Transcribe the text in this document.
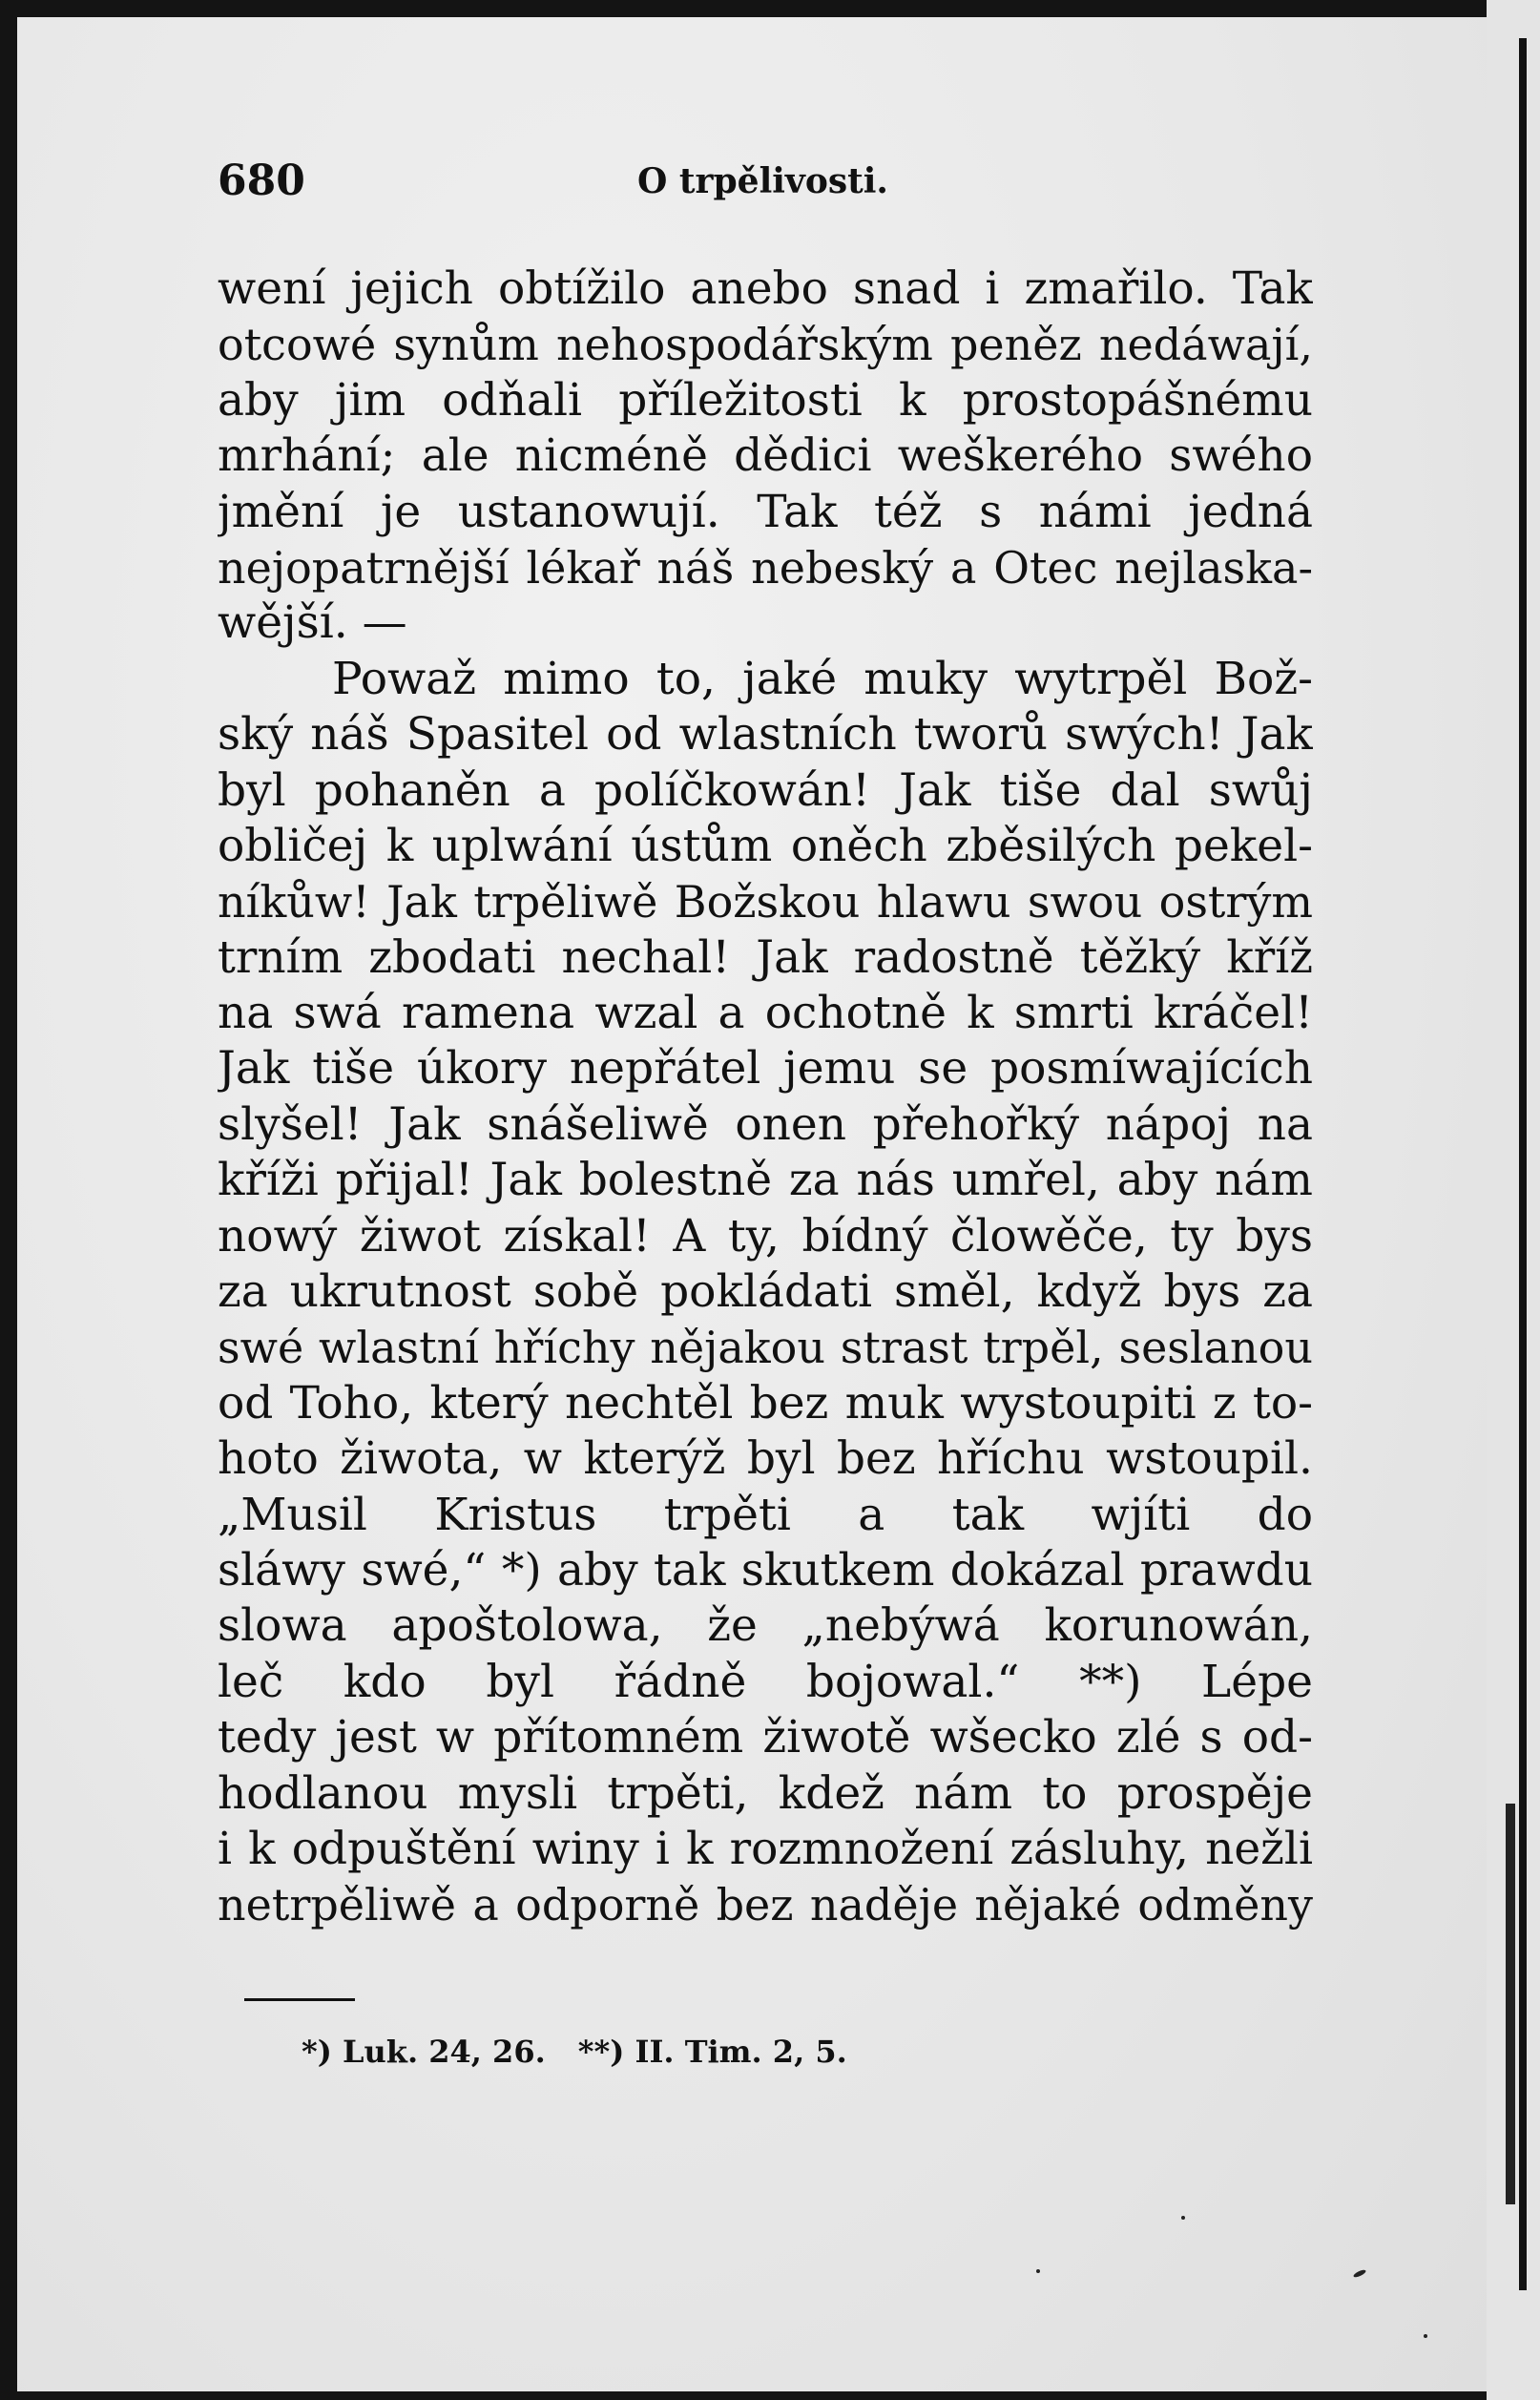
680	O trpělivosti.
wení jejich obtížilo anebo snad i zmařilo. Tak
otcowé synům nehospodářským peněz nedáwají,
aby jim odňali příležitosti k prostopášnému
mrhání; ale nicméně dědici weškerého swého
jmění je ustanowují. Tak též s námi jedná
nejopatrnější lékař náš nebeský a Otec nejlaska-
wější. —
Powaž mimo to, jaké muky wytrpěl Bož-
ský náš Spasitel od wlastních tworů swých! Jak
byl pohaněn a políčkowán! Jak tiše dal swůj
obličej k uplwání ústům oněch zběsilých pekel-
níkůw! Jak trpěliwě Božskou hlawu swou ostrým
trním zbodati nechal! Jak radostně těžký kříž
na swá ramena wzal a ochotně k smrti kráčel!
Jak tiše úkory nepřátel jemu se posmíwajících
slyšel! Jak snášeliwě onen přehořký nápoj na
kříži přijal! Jak bolestně za nás umřel, aby nám
nowý žiwot získal! A ty, bídný člowěče, ty bys
za ukrutnost sobě pokládati směl, když bys za
swé wlastní hříchy nějakou strast trpěl, seslanou
od Toho, který nechtěl bez muk wystoupiti z to-
hoto žiwota, w kterýž byl bez hříchu wstoupil.
„Musil Kristus trpěti a tak wjíti do
sláwy swé,“ *) aby tak skutkem dokázal prawdu
slowa apoštolowa, že „nebýwá korunowán,
leč kdo byl řádně bojowal.“ **) Lépe
tedy jest w přítomném žiwotě wšecko zlé s od-
hodlanou mysli trpěti, kdež nám to prospěje
i k odpuštění winy i k rozmnožení zásluhy, nežli
netrpěliwě a odporně bez naděje nějaké odměny
*) Luk. 24, 26. **) II. Tim. 2, 5.
